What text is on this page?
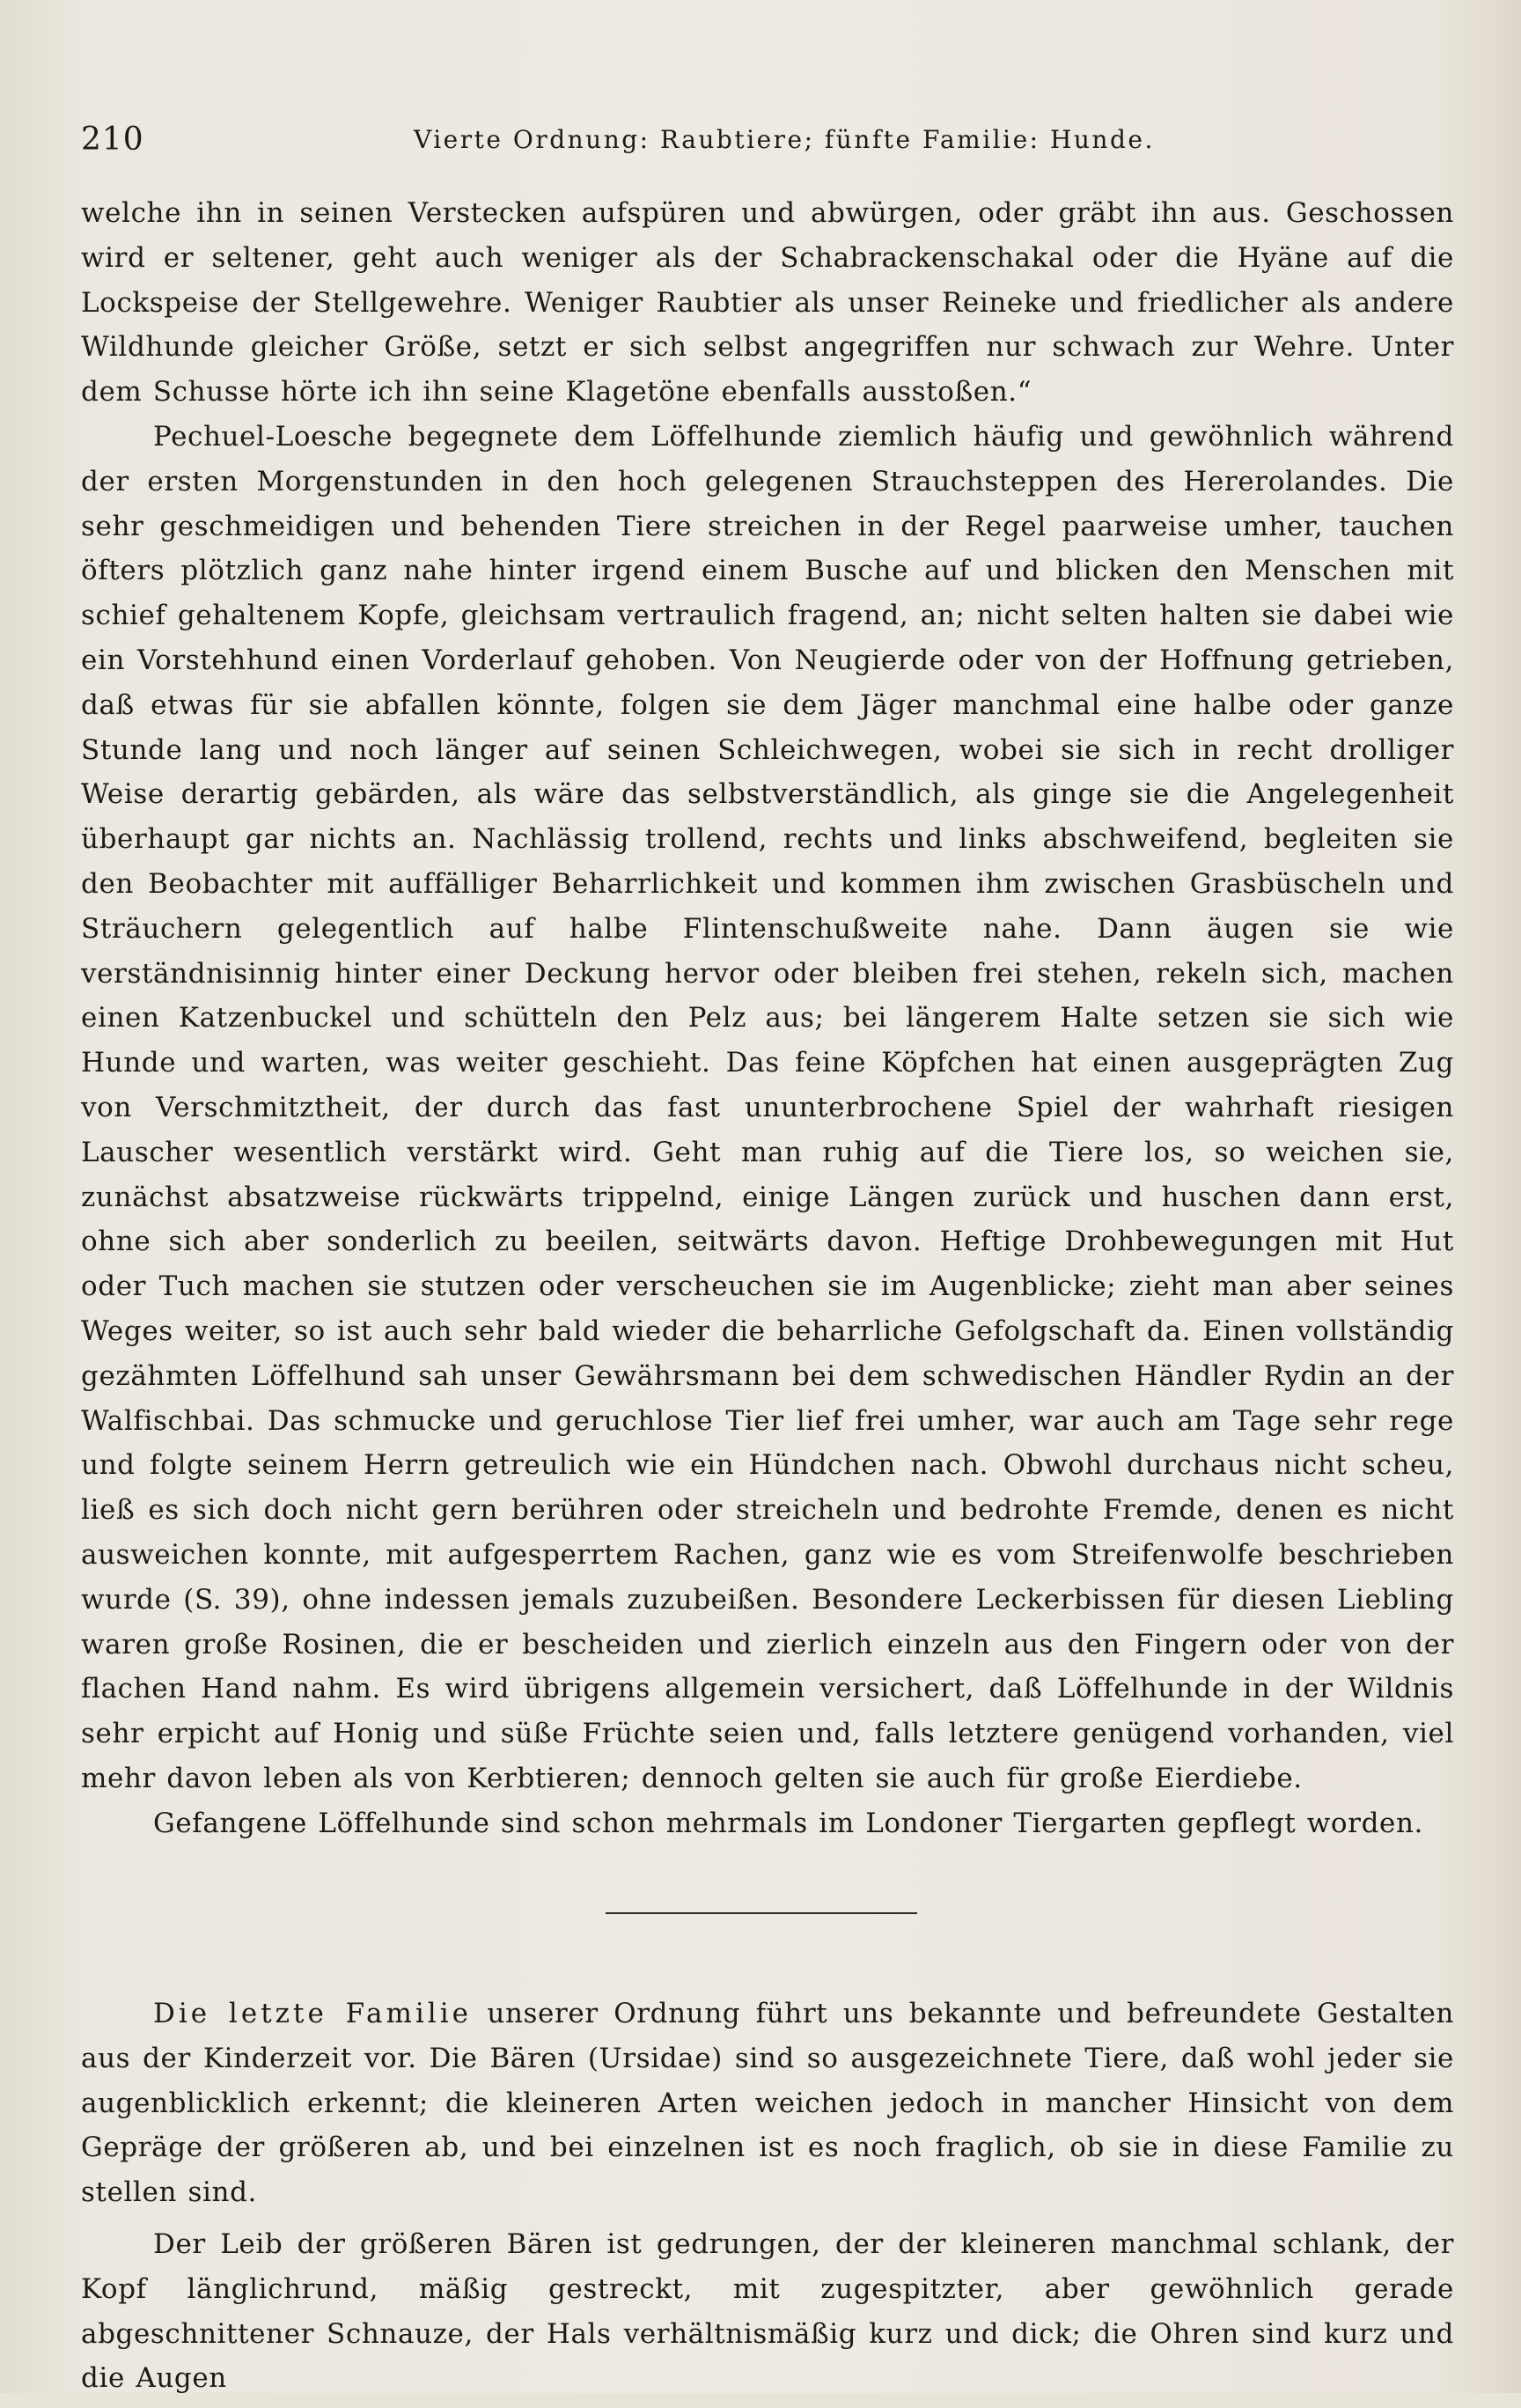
210	Vierte Ordnung: Raubtiere; fünfte Familie: Hunde.

welche ihn in seinen Verstecken aufspüren und abwürgen, oder gräbt ihn aus. Geschossen wird er seltener, geht auch weniger als der Schabrackenschakal oder die Hyäne auf die Lockspeise der Stellgewehre. Weniger Raubtier als unser Reineke und friedlicher als andere Wildhunde gleicher Größe, setzt er sich selbst angegriffen nur schwach zur Wehre. Unter dem Schusse hörte ich ihn seine Klagetöne ebenfalls ausstoßen.“

Pechuel-Loesche begegnete dem Löffelhunde ziemlich häufig und gewöhnlich während der ersten Morgenstunden in den hoch gelegenen Strauchsteppen des Hererolandes. Die sehr geschmeidigen und behenden Tiere streichen in der Regel paarweise umher, tauchen öfters plötzlich ganz nahe hinter irgend einem Busche auf und blicken den Menschen mit schief gehaltenem Kopfe, gleichsam vertraulich fragend, an; nicht selten halten sie dabei wie ein Vorstehhund einen Vorderlauf gehoben. Von Neugierde oder von der Hoffnung getrieben, daß etwas für sie abfallen könnte, folgen sie dem Jäger manchmal eine halbe oder ganze Stunde lang und noch länger auf seinen Schleichwegen, wobei sie sich in recht drolliger Weise derartig gebärden, als wäre das selbstverständlich, als ginge sie die Angelegenheit überhaupt gar nichts an. Nachlässig trollend, rechts und links abschweifend, begleiten sie den Beobachter mit auffälliger Beharrlichkeit und kommen ihm zwischen Grasbüscheln und Sträuchern gelegentlich auf halbe Flintenschußweite nahe. Dann äugen sie wie verständnisinnig hinter einer Deckung hervor oder bleiben frei stehen, rekeln sich, machen einen Katzenbuckel und schütteln den Pelz aus; bei längerem Halte setzen sie sich wie Hunde und warten, was weiter geschieht. Das feine Köpfchen hat einen ausgeprägten Zug von Verschmitztheit, der durch das fast ununterbrochene Spiel der wahrhaft riesigen Lauscher wesentlich verstärkt wird. Geht man ruhig auf die Tiere los, so weichen sie, zunächst absatzweise rückwärts trippelnd, einige Längen zurück und huschen dann erst, ohne sich aber sonderlich zu beeilen, seitwärts davon. Heftige Drohbewegungen mit Hut oder Tuch machen sie stutzen oder verscheuchen sie im Augenblicke; zieht man aber seines Weges weiter, so ist auch sehr bald wieder die beharrliche Gefolgschaft da. Einen vollständig gezähmten Löffelhund sah unser Gewährsmann bei dem schwedischen Händler Rydin an der Walfischbai. Das schmucke und geruchlose Tier lief frei umher, war auch am Tage sehr rege und folgte seinem Herrn getreulich wie ein Hündchen nach. Obwohl durchaus nicht scheu, ließ es sich doch nicht gern berühren oder streicheln und bedrohte Fremde, denen es nicht ausweichen konnte, mit aufgesperrtem Rachen, ganz wie es vom Streifenwolfe beschrieben wurde (S. 39), ohne indessen jemals zuzubeißen. Besondere Leckerbissen für diesen Liebling waren große Rosinen, die er bescheiden und zierlich einzeln aus den Fingern oder von der flachen Hand nahm. Es wird übrigens allgemein versichert, daß Löffelhunde in der Wildnis sehr erpicht auf Honig und süße Früchte seien und, falls letztere genügend vorhanden, viel mehr davon leben als von Kerbtieren; dennoch gelten sie auch für große Eierdiebe.

Gefangene Löffelhunde sind schon mehrmals im Londoner Tiergarten gepflegt worden.

Die letzte Familie unserer Ordnung führt uns bekannte und befreundete Gestalten aus der Kinderzeit vor. Die Bären (Ursidae) sind so ausgezeichnete Tiere, daß wohl jeder sie augenblicklich erkennt; die kleineren Arten weichen jedoch in mancher Hinsicht von dem Gepräge der größeren ab, und bei einzelnen ist es noch fraglich, ob sie in diese Familie zu stellen sind.

Der Leib der größeren Bären ist gedrungen, der der kleineren manchmal schlank, der Kopf länglichrund, mäßig gestreckt, mit zugespitzter, aber gewöhnlich gerade abgeschnittener Schnauze, der Hals verhältnismäßig kurz und dick; die Ohren sind kurz und die Augen
